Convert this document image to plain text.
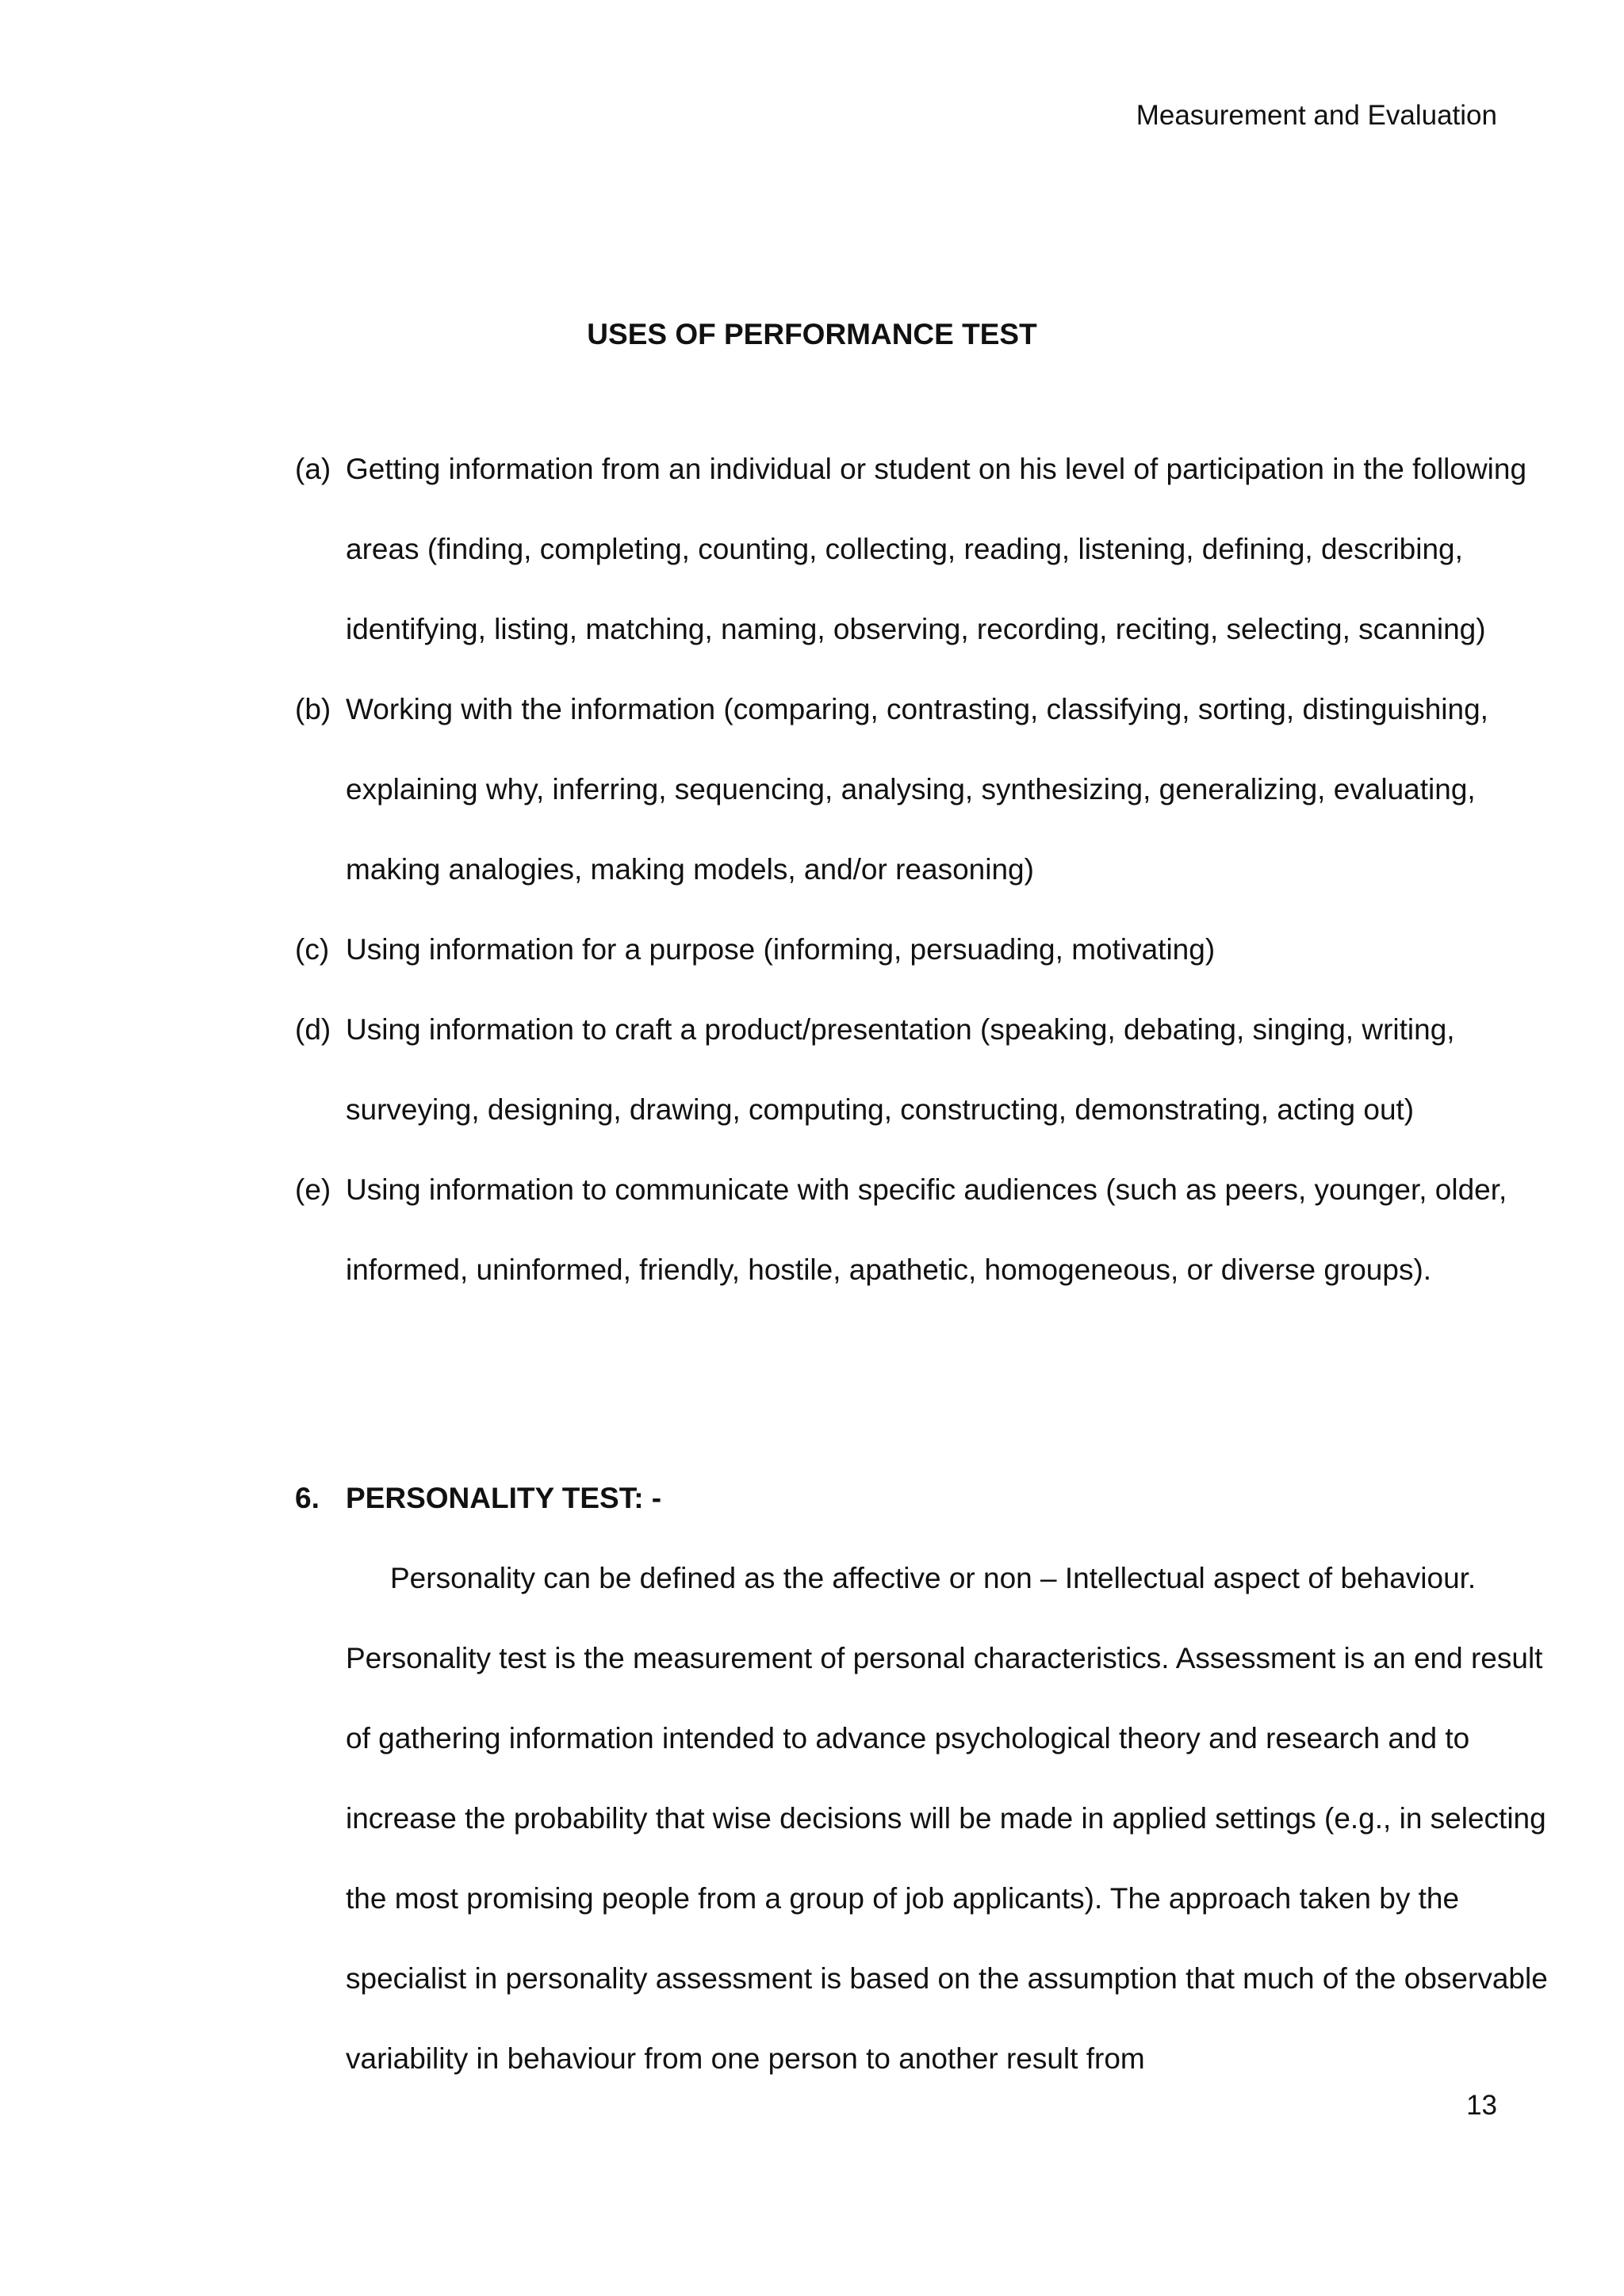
Measurement and Evaluation
USES OF PERFORMANCE TEST
(a) Getting information from an individual or student on his level of participation in the following areas (finding, completing, counting, collecting, reading, listening, defining, describing, identifying, listing, matching, naming, observing, recording, reciting, selecting, scanning)
(b) Working with the information (comparing, contrasting, classifying, sorting, distinguishing, explaining why, inferring, sequencing, analysing, synthesizing, generalizing, evaluating, making analogies, making models, and/or reasoning)
(c) Using information for a purpose (informing, persuading, motivating)
(d) Using information to craft a product/presentation (speaking, debating, singing, writing, surveying, designing, drawing, computing, constructing, demonstrating, acting out)
(e) Using information to communicate with specific audiences (such as peers, younger, older, informed, uninformed, friendly, hostile, apathetic, homogeneous, or diverse groups).
6. PERSONALITY TEST: -

Personality can be defined as the affective or non – Intellectual aspect of behaviour. Personality test is the measurement of personal characteristics. Assessment is an end result of gathering information intended to advance psychological theory and research and to increase the probability that wise decisions will be made in applied settings (e.g., in selecting the most promising people from a group of job applicants). The approach taken by the specialist in personality assessment is based on the assumption that much of the observable variability in behaviour from one person to another result from

13
